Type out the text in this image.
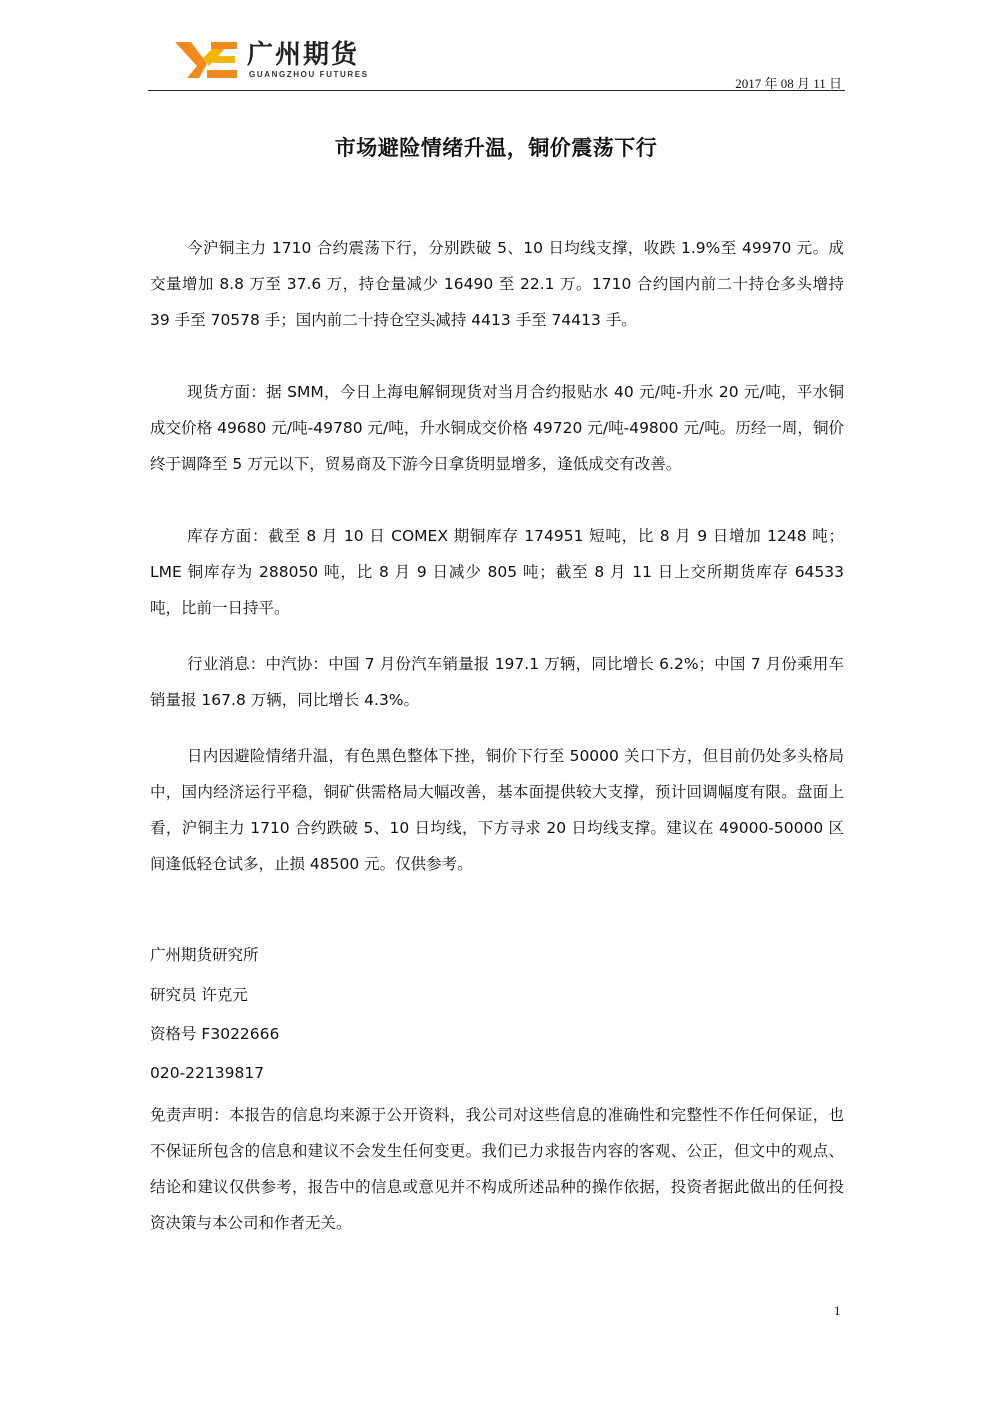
广州期货
GUANGZHOU FUTURES
2017 年 08 月 11 日
市场避险情绪升温，铜价震荡下行

今沪铜主力 1710 合约震荡下行，分别跌破 5、10 日均线支撑，收跌 1.9%至 49970 元。成交量增加 8.8 万至 37.6 万，持仓量减少 16490 至 22.1 万。1710 合约国内前二十持仓多头增持 39 手至 70578 手；国内前二十持仓空头减持 4413 手至 74413 手。

现货方面：据 SMM，今日上海电解铜现货对当月合约报贴水 40 元/吨-升水 20 元/吨，平水铜成交价格 49680 元/吨-49780 元/吨，升水铜成交价格 49720 元/吨-49800 元/吨。历经一周，铜价终于调降至 5 万元以下，贸易商及下游今日拿货明显增多，逢低成交有改善。

库存方面：截至 8 月 10 日 COMEX 期铜库存 174951 短吨，比 8 月 9 日增加 1248 吨；LME 铜库存为 288050 吨，比 8 月 9 日减少 805 吨；截至 8 月 11 日上交所期货库存 64533 吨，比前一日持平。

行业消息：中汽协：中国 7 月份汽车销量报 197.1 万辆，同比增长 6.2%；中国 7 月份乘用车销量报 167.8 万辆，同比增长 4.3%。

日内因避险情绪升温，有色黑色整体下挫，铜价下行至 50000 关口下方，但目前仍处多头格局中，国内经济运行平稳，铜矿供需格局大幅改善，基本面提供较大支撑，预计回调幅度有限。盘面上看，沪铜主力 1710 合约跌破 5、10 日均线，下方寻求 20 日均线支撑。建议在 49000-50000 区间逢低轻仓试多，止损 48500 元。仅供参考。

广州期货研究所
研究员 许克元
资格号 F3022666
020-22139817

免责声明：本报告的信息均来源于公开资料，我公司对这些信息的准确性和完整性不作任何保证，也不保证所包含的信息和建议不会发生任何变更。我们已力求报告内容的客观、公正，但文中的观点、结论和建议仅供参考，报告中的信息或意见并不构成所述品种的操作依据，投资者据此做出的任何投资决策与本公司和作者无关。

1
